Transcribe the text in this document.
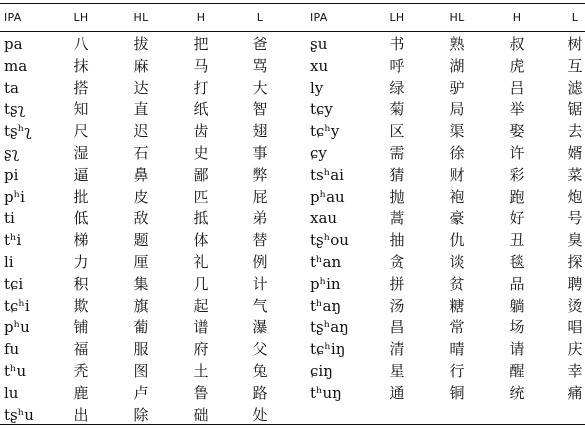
IPA	LH	HL	H	L	IPA	LH	HL	H	L
pa	八	拔	把	爸	ʂu	书	熟	叔	树
ma	抹	麻	马	骂	xu	呼	湖	虎	互
ta	搭	达	打	大	ly	绿	驴	吕	滤
tʂʅ	知	直	纸	智	tɕy	菊	局	举	锯
tʂʰʅ	尺	迟	齿	翅	tɕʰy	区	渠	娶	去
ʂʅ	湿	石	史	事	ɕy	需	徐	许	婿
pi	逼	鼻	鄙	弊	tsʰai	猜	财	彩	菜
pʰi	批	皮	匹	屁	pʰau	抛	袍	跑	炮
ti	低	敌	抵	弟	xau	蒿	豪	好	号
tʰi	梯	题	体	替	tʂʰou	抽	仇	丑	臭
li	力	厘	礼	例	tʰan	贪	谈	毯	探
tɕi	积	集	几	计	pʰin	拼	贫	品	聘
tɕʰi	欺	旗	起	气	tʰaŋ	汤	糖	躺	烫
pʰu	铺	葡	谱	瀑	tʂʰaŋ	昌	常	场	唱
fu	福	服	府	父	tɕʰiŋ	清	晴	请	庆
tʰu	秃	图	土	兔	ɕiŋ	星	行	醒	幸
lu	鹿	卢	鲁	路	tʰuŋ	通	铜	统	痛
tʂʰu	出	除	础	处
